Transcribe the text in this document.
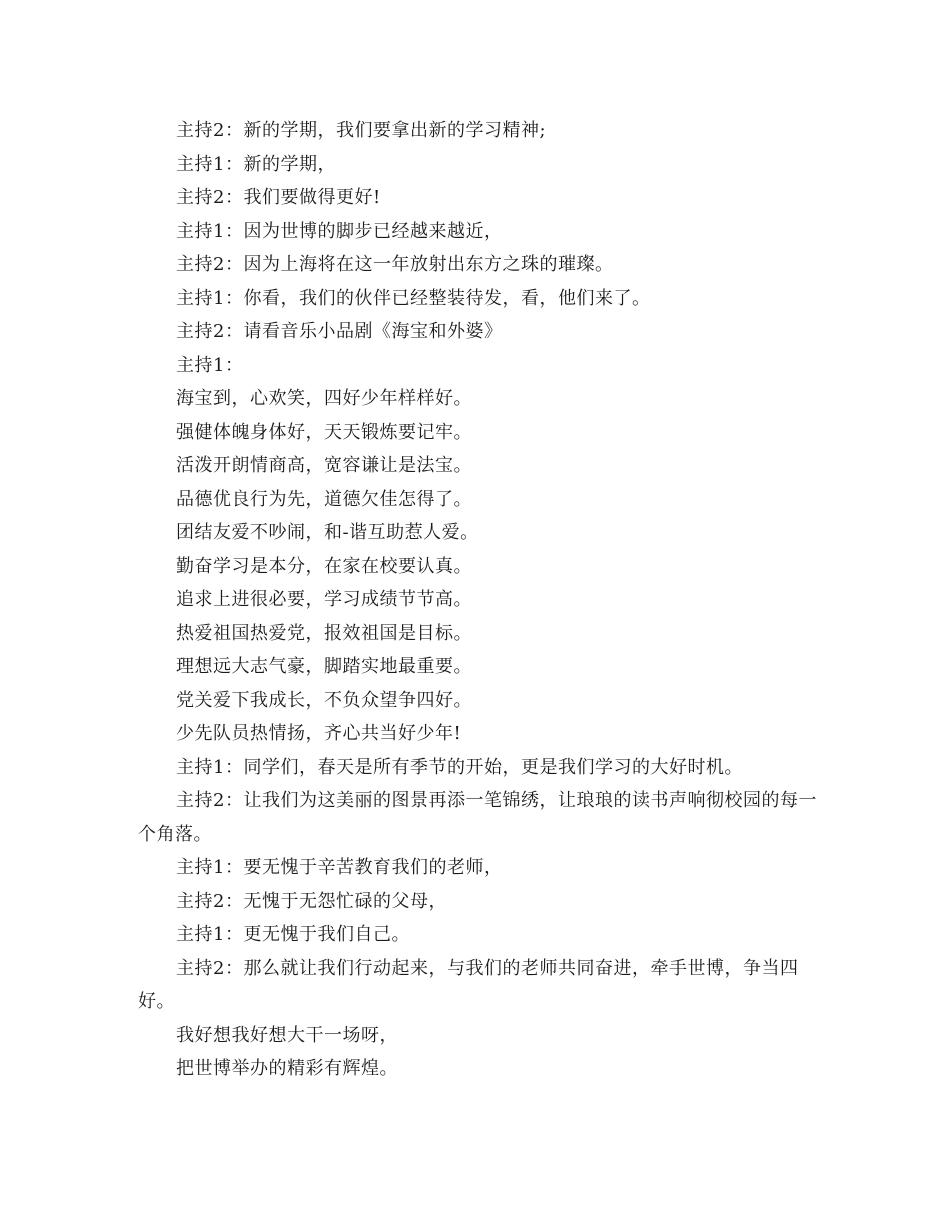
主持2：新的学期，我们要拿出新的学习精神;

主持1：新的学期，

主持2：我们要做得更好!

主持1：因为世博的脚步已经越来越近，

主持2：因为上海将在这一年放射出东方之珠的璀璨。

主持1：你看，我们的伙伴已经整装待发，看，他们来了。

主持2：请看音乐小品剧《海宝和外婆》

主持1：

海宝到，心欢笑，四好少年样样好。

强健体魄身体好，天天锻炼要记牢。

活泼开朗情商高，宽容谦让是法宝。

品德优良行为先，道德欠佳怎得了。

团结友爱不吵闹，和-谐互助惹人爱。

勤奋学习是本分，在家在校要认真。

追求上进很必要，学习成绩节节高。

热爱祖国热爱党，报效祖国是目标。

理想远大志气豪，脚踏实地最重要。

党关爱下我成长，不负众望争四好。

少先队员热情扬，齐心共当好少年!

主持1：同学们，春天是所有季节的开始，更是我们学习的大好时机。

主持2：让我们为这美丽的图景再添一笔锦绣，让琅琅的读书声响彻校园的每一个角落。

主持1：要无愧于辛苦教育我们的老师，

主持2：无愧于无怨忙碌的父母，

主持1：更无愧于我们自己。

主持2：那么就让我们行动起来，与我们的老师共同奋进，牵手世博，争当四好。

我好想我好想大干一场呀，

把世博举办的精彩有辉煌。
